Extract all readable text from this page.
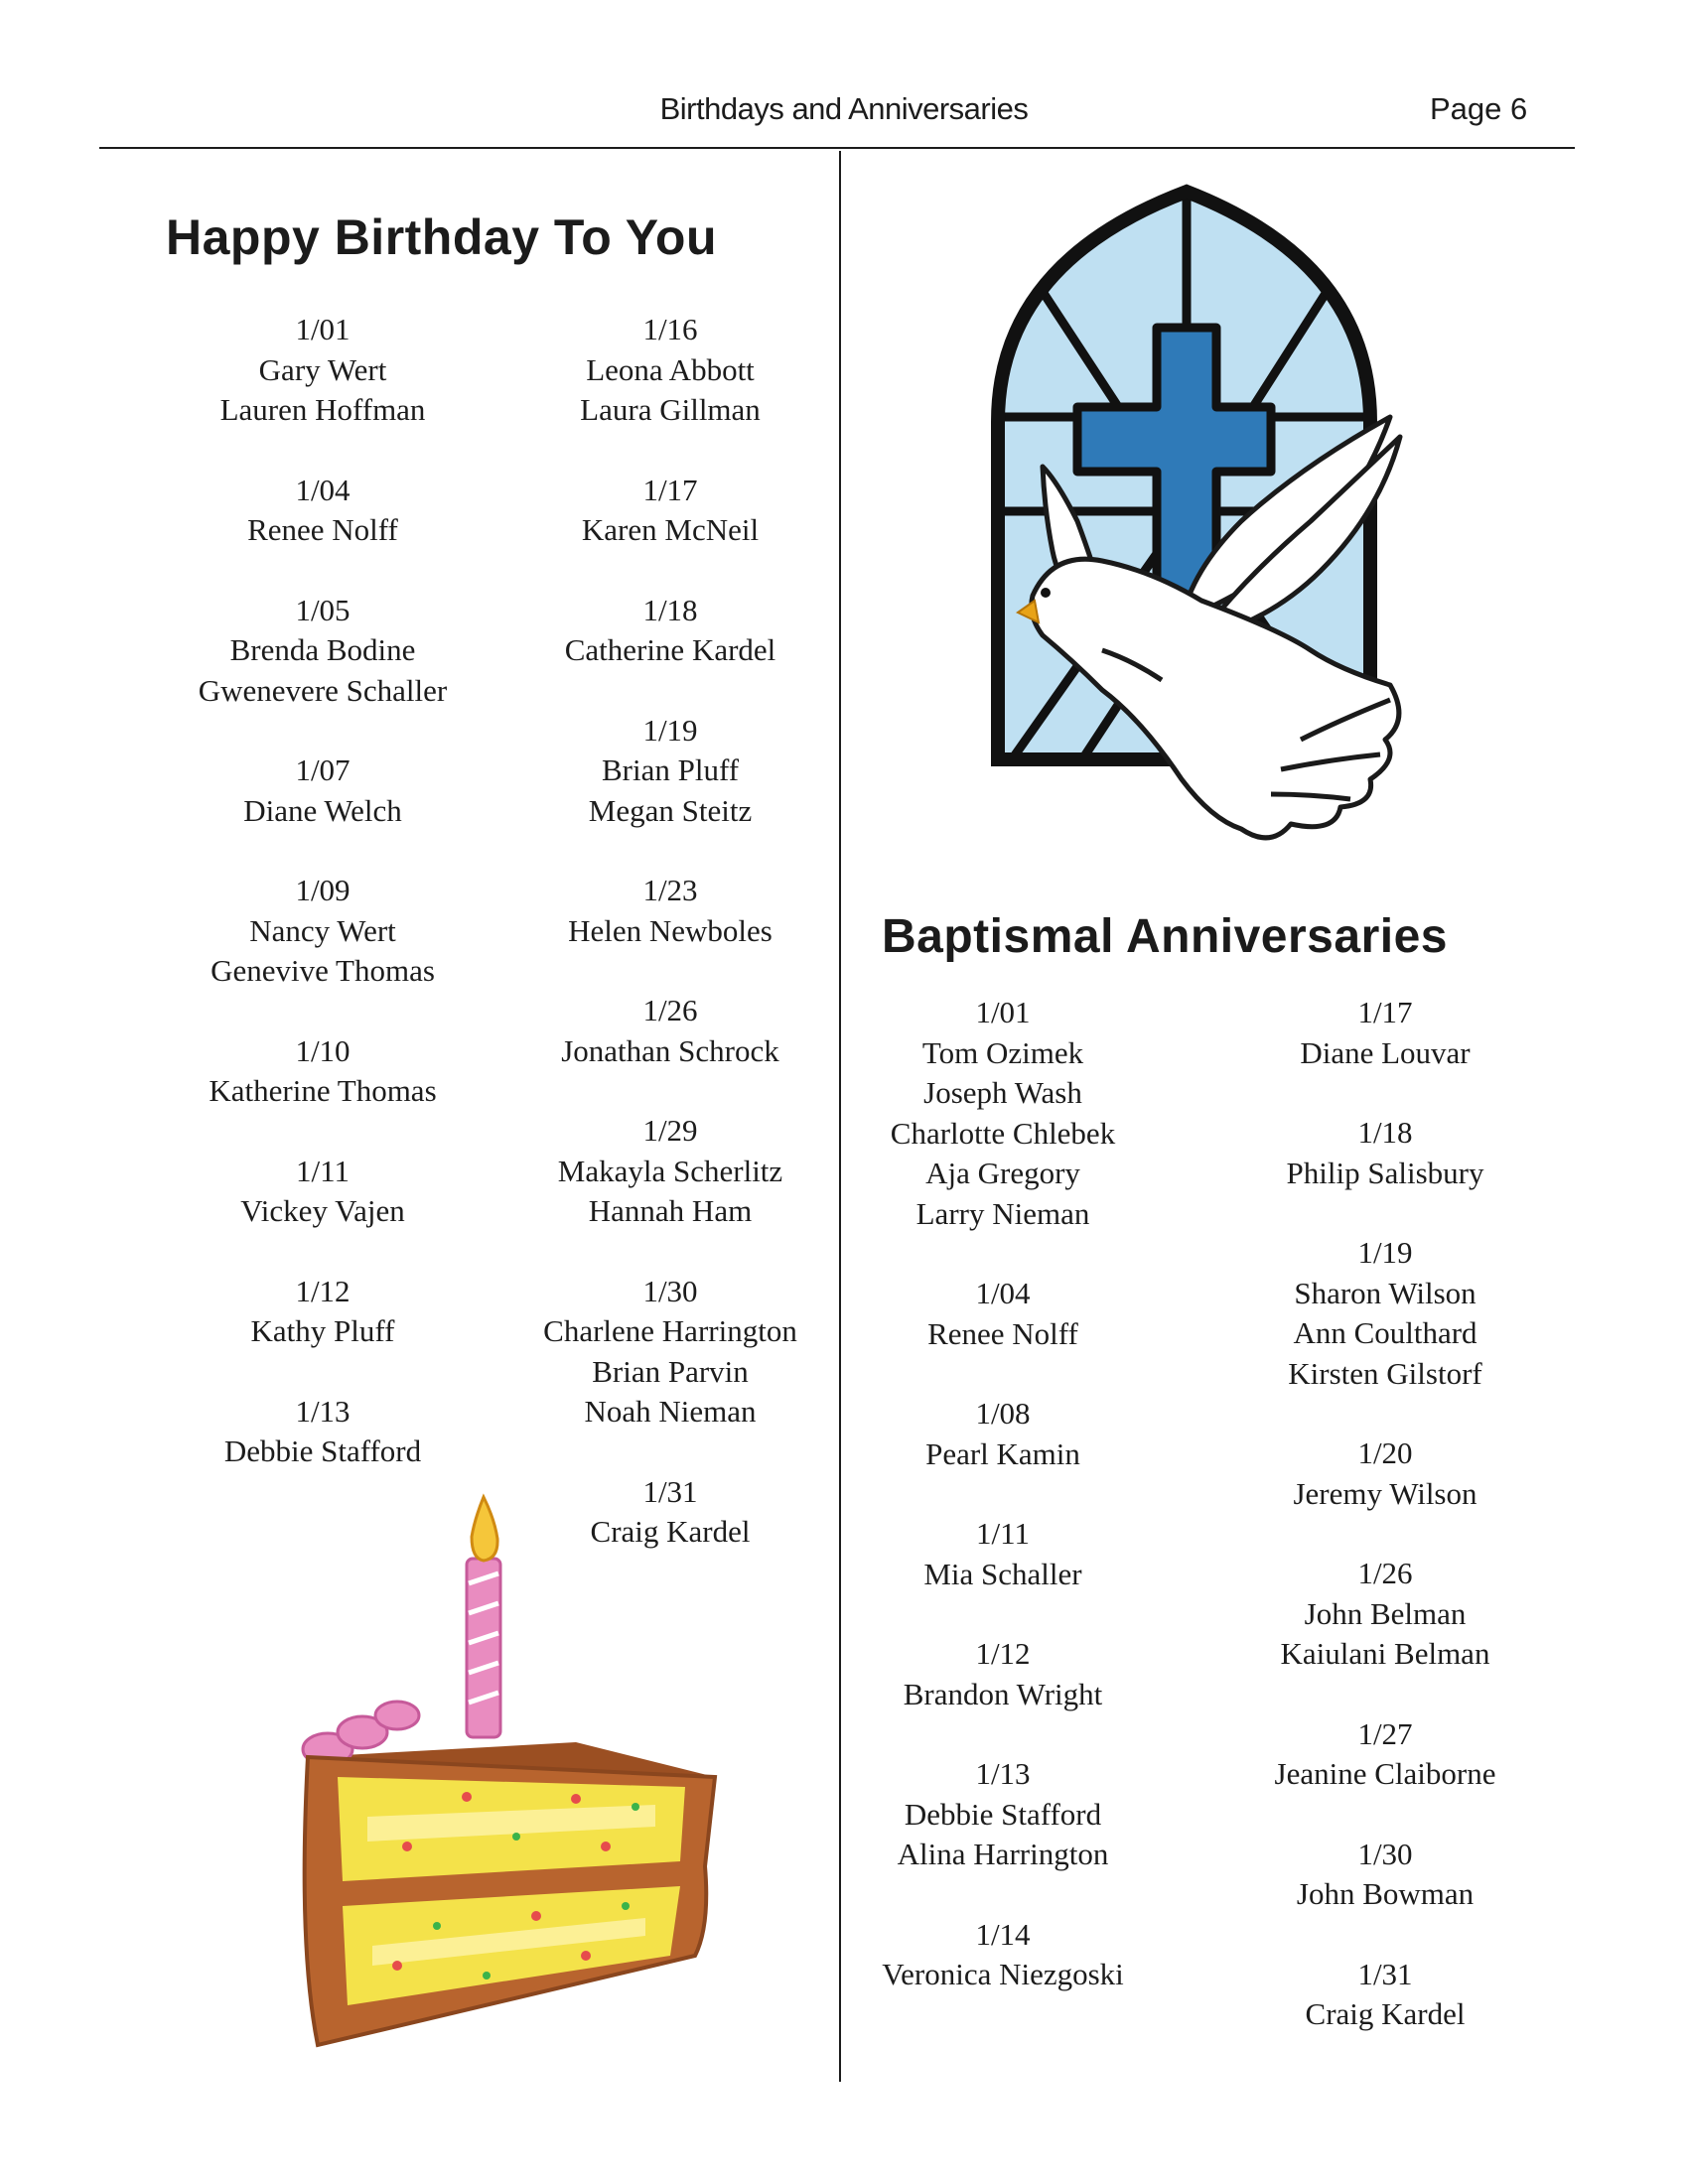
Birthdays and Anniversaries	Page 6
Happy Birthday To You
1/01
Gary Wert
Lauren Hoffman
1/04
Renee Nolff
1/05
Brenda Bodine
Gwenevere Schaller
1/07
Diane Welch
1/09
Nancy Wert
Genevive Thomas
1/10
Katherine Thomas
1/11
Vickey Vajen
1/12
Kathy Pluff
1/13
Debbie Stafford
1/16
Leona Abbott
Laura Gillman
1/17
Karen McNeil
1/18
Catherine Kardel
1/19
Brian Pluff
Megan Steitz
1/23
Helen Newboles
1/26
Jonathan Schrock
1/29
Makayla Scherlitz
Hannah Ham
1/30
Charlene Harrington
Brian Parvin
Noah Nieman
1/31
Craig Kardel
Baptismal Anniversaries
1/01
Tom Ozimek
Joseph Wash
Charlotte Chlebek
Aja Gregory
Larry Nieman
1/04
Renee Nolff
1/08
Pearl Kamin
1/11
Mia Schaller
1/12
Brandon Wright
1/13
Debbie Stafford
Alina Harrington
1/14
Veronica Niezgoski
1/17
Diane Louvar
1/18
Philip Salisbury
1/19
Sharon Wilson
Ann Coulthard
Kirsten Gilstorf
1/20
Jeremy Wilson
1/26
John Belman
Kaiulani Belman
1/27
Jeanine Claiborne
1/30
John Bowman
1/31
Craig Kardel
